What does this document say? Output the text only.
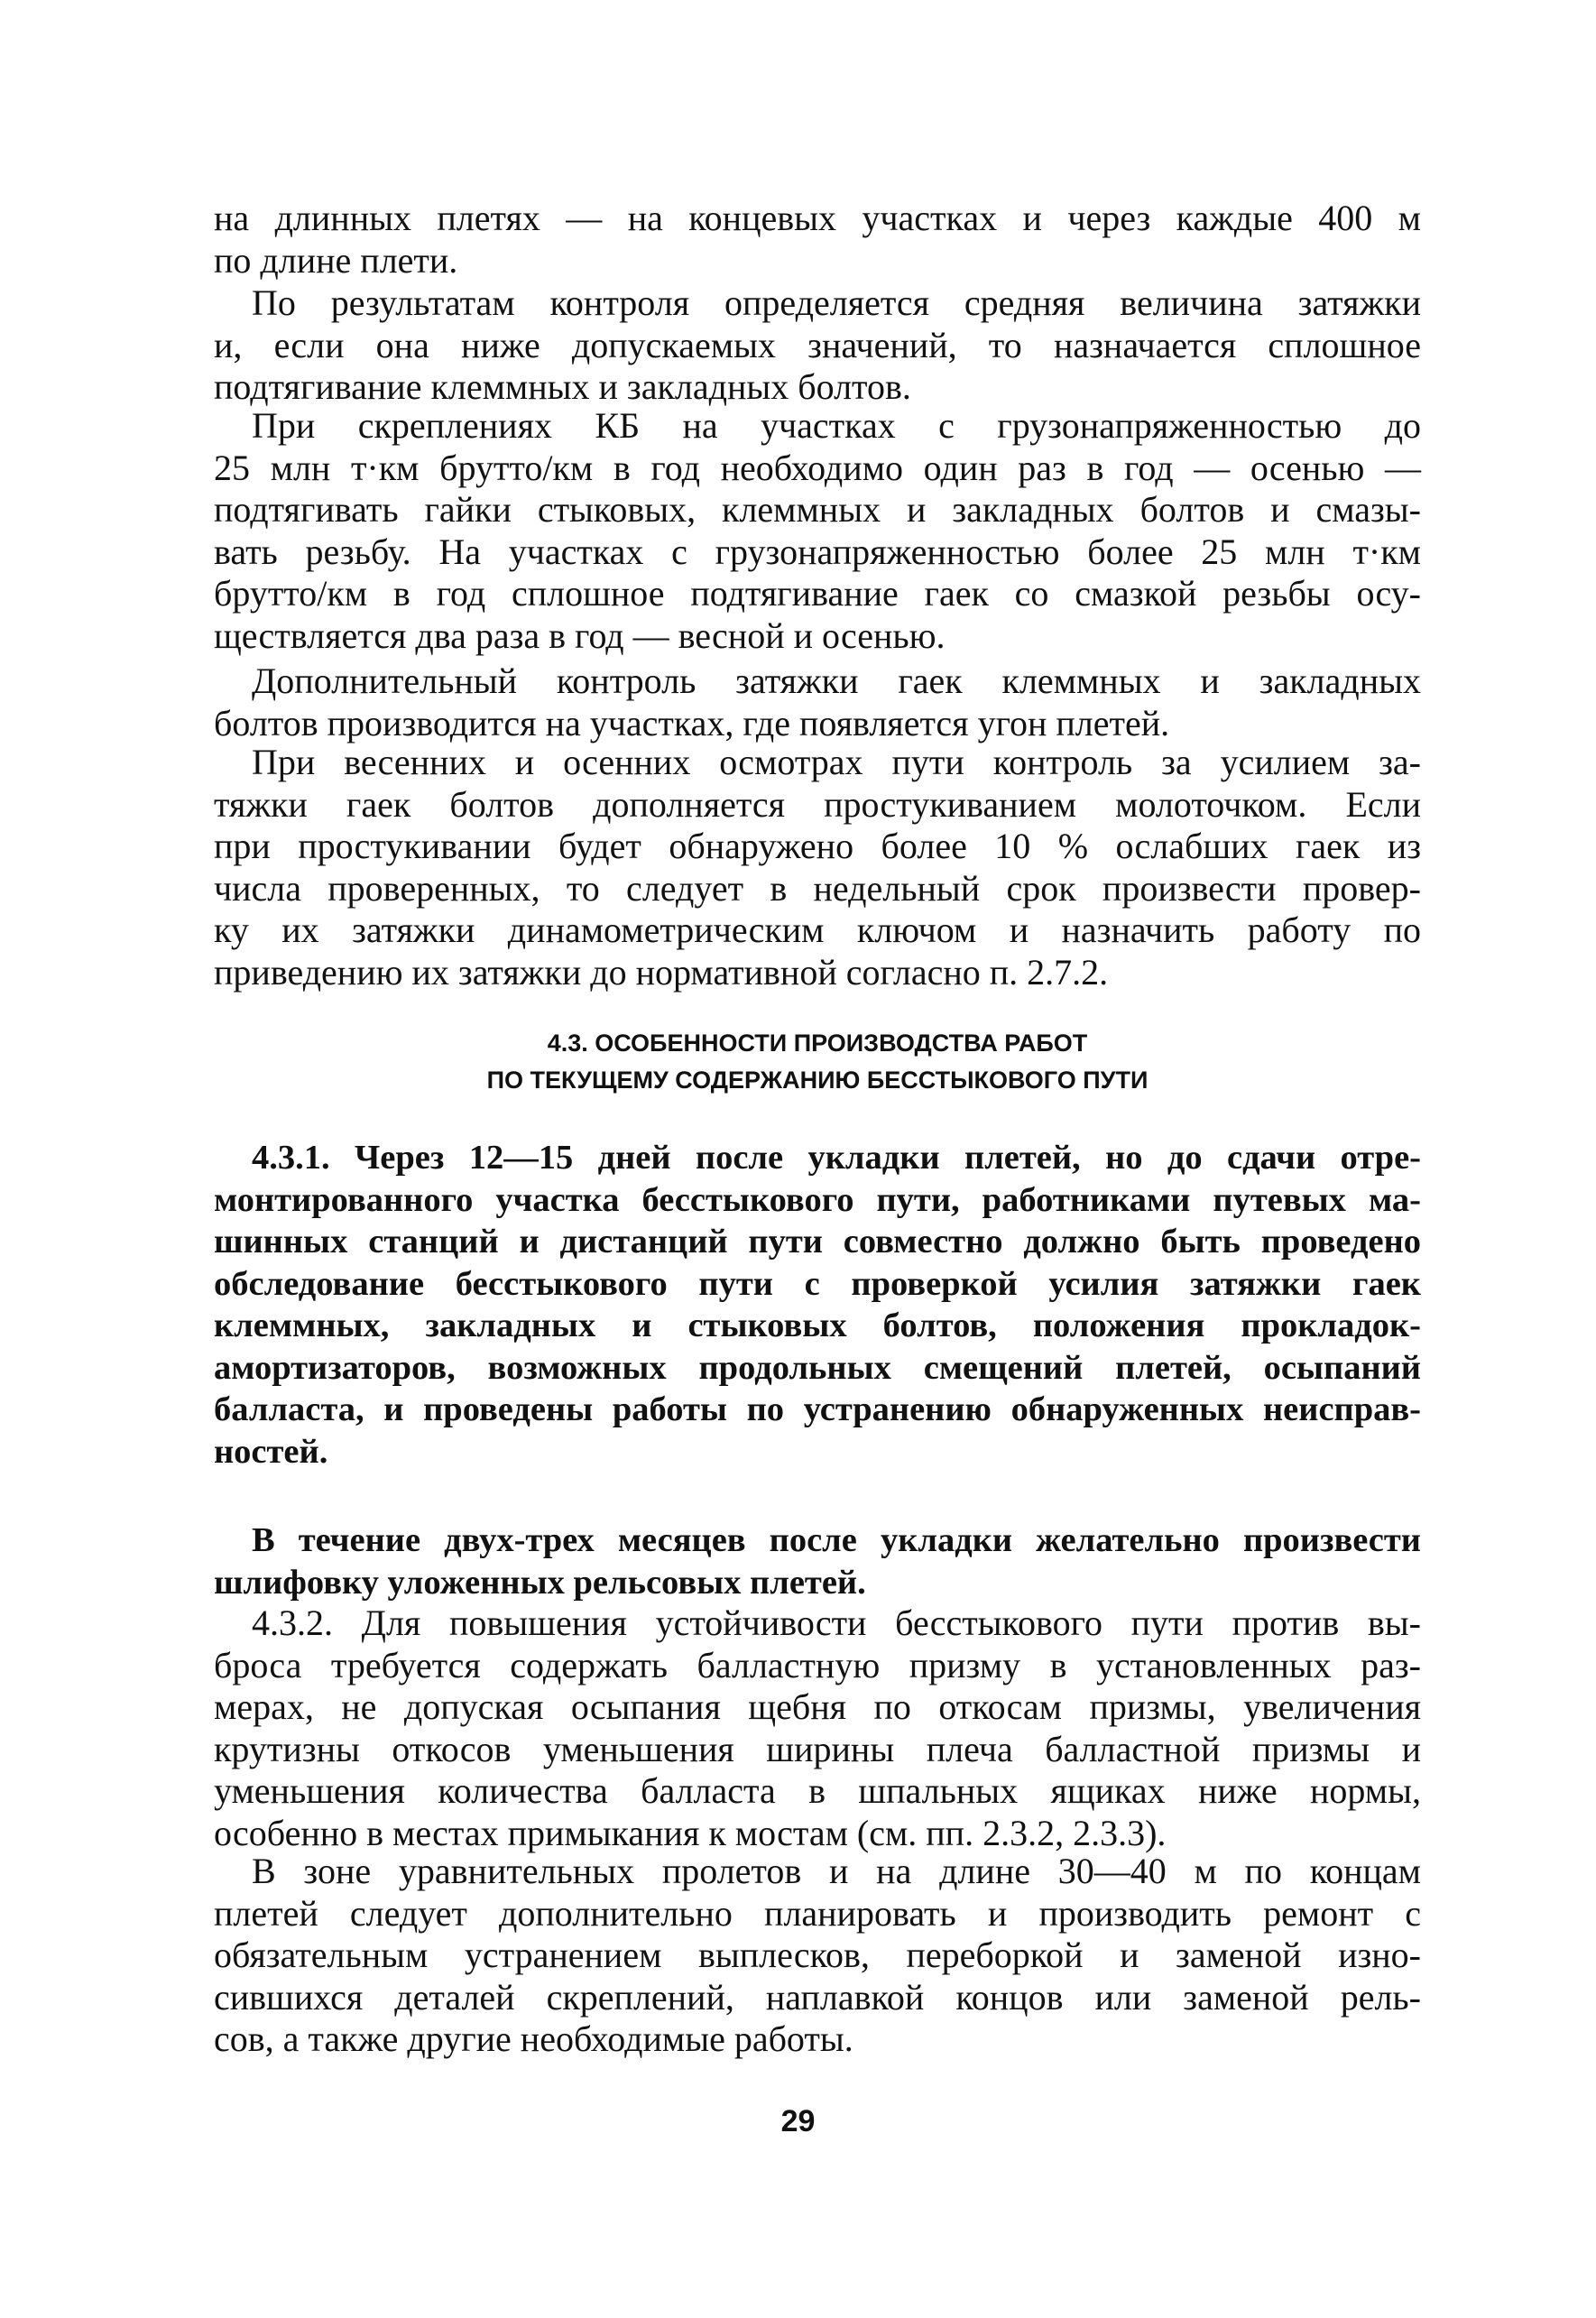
4.3. ОСОБЕННОСТИ ПРОИЗВОДСТВА РАБОТ
ПО ТЕКУЩЕМУ СОДЕРЖАНИЮ БЕССТЫКОВОГО ПУТИ
29
на длинных плетях — на концевых участках и через каждые 400 м
по длине плети.
По результатам контроля определяется средняя величина затяжки
и, если она ниже допускаемых значений, то назначается сплошное
подтягивание клеммных и закладных болтов.
При скреплениях КБ на участках с грузонапряженностью до
25 млн т·км брутто/км в год необходимо один раз в год — осенью —
подтягивать гайки стыковых, клеммных и закладных болтов и смазы-
вать резьбу. На участках с грузонапряженностью более 25 млн т·км
брутто/км в год сплошное подтягивание гаек со смазкой резьбы осу-
ществляется два раза в год — весной и осенью.
Дополнительный контроль затяжки гаек клеммных и закладных
болтов производится на участках, где появляется угон плетей.
При весенних и осенних осмотрах пути контроль за усилием за-
тяжки гаек болтов дополняется простукиванием молоточком. Если
при простукивании будет обнаружено более 10 % ослабших гаек из
числа проверенных, то следует в недельный срок произвести провер-
ку их затяжки динамометрическим ключом и назначить работу по
приведению их затяжки до нормативной согласно п. 2.7.2.
4.3.1. Через 12—15 дней после укладки плетей, но до сдачи отре-
монтированного участка бесстыкового пути, работниками путевых ма-
шинных станций и дистанций пути совместно должно быть проведено
обследование бесстыкового пути с проверкой усилия затяжки гаек
клеммных, закладных и стыковых болтов, положения прокладок-
амортизаторов, возможных продольных смещений плетей, осыпаний
балласта, и проведены работы по устранению обнаруженных неисправ-
ностей.
В течение двух-трех месяцев после укладки желательно произвести
шлифовку уложенных рельсовых плетей.
4.3.2. Для повышения устойчивости бесстыкового пути против вы-
броса требуется содержать балластную призму в установленных раз-
мерах, не допуская осыпания щебня по откосам призмы, увеличения
крутизны откосов уменьшения ширины плеча балластной призмы и
уменьшения количества балласта в шпальных ящиках ниже нормы,
особенно в местах примыкания к мостам (см. пп. 2.3.2, 2.3.3).
В зоне уравнительных пролетов и на длине 30—40 м по концам
плетей следует дополнительно планировать и производить ремонт с
обязательным устранением выплесков, переборкой и заменой изно-
сившихся деталей скреплений, наплавкой концов или заменой рель-
сов, а также другие необходимые работы.
